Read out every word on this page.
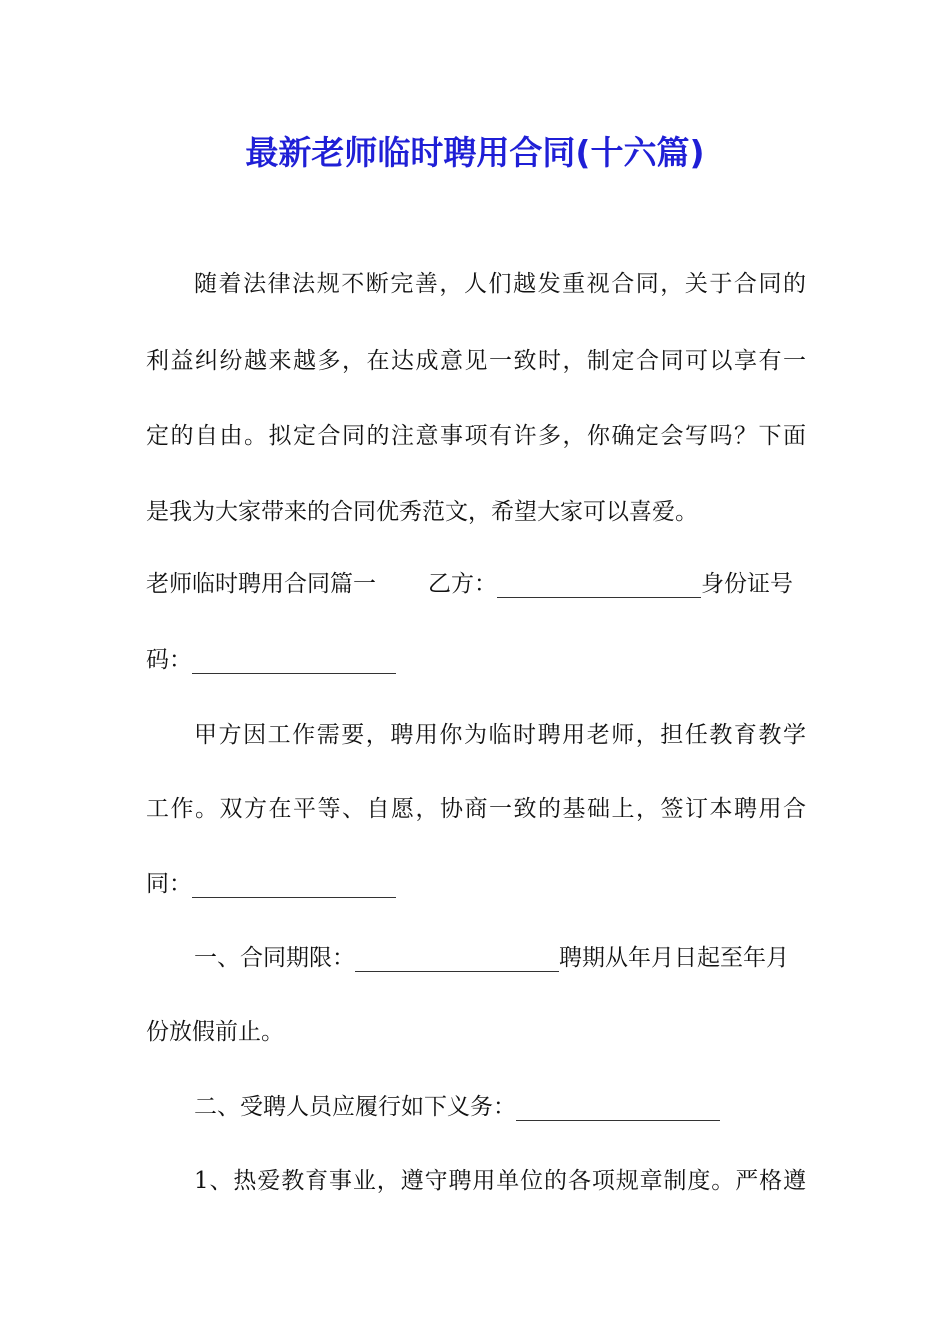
最新老师临时聘用合同(十六篇)
随着法律法规不断完善，人们越发重视合同，关于合同的
利益纠纷越来越多，在达成意见一致时，制定合同可以享有一
定的自由。拟定合同的注意事项有许多，你确定会写吗？下面
是我为大家带来的合同优秀范文，希望大家可以喜爱。
老师临时聘用合同篇一 乙方：	身份证号
码：
甲方因工作需要，聘用你为临时聘用老师，担任教育教学
工作。双方在平等、自愿，协商一致的基础上，签订本聘用合
同：
一、合同期限：	聘期从年月日起至年月
份放假前止。
二、受聘人员应履行如下义务：
1、热爱教育事业，遵守聘用单位的各项规章制度。严格遵
